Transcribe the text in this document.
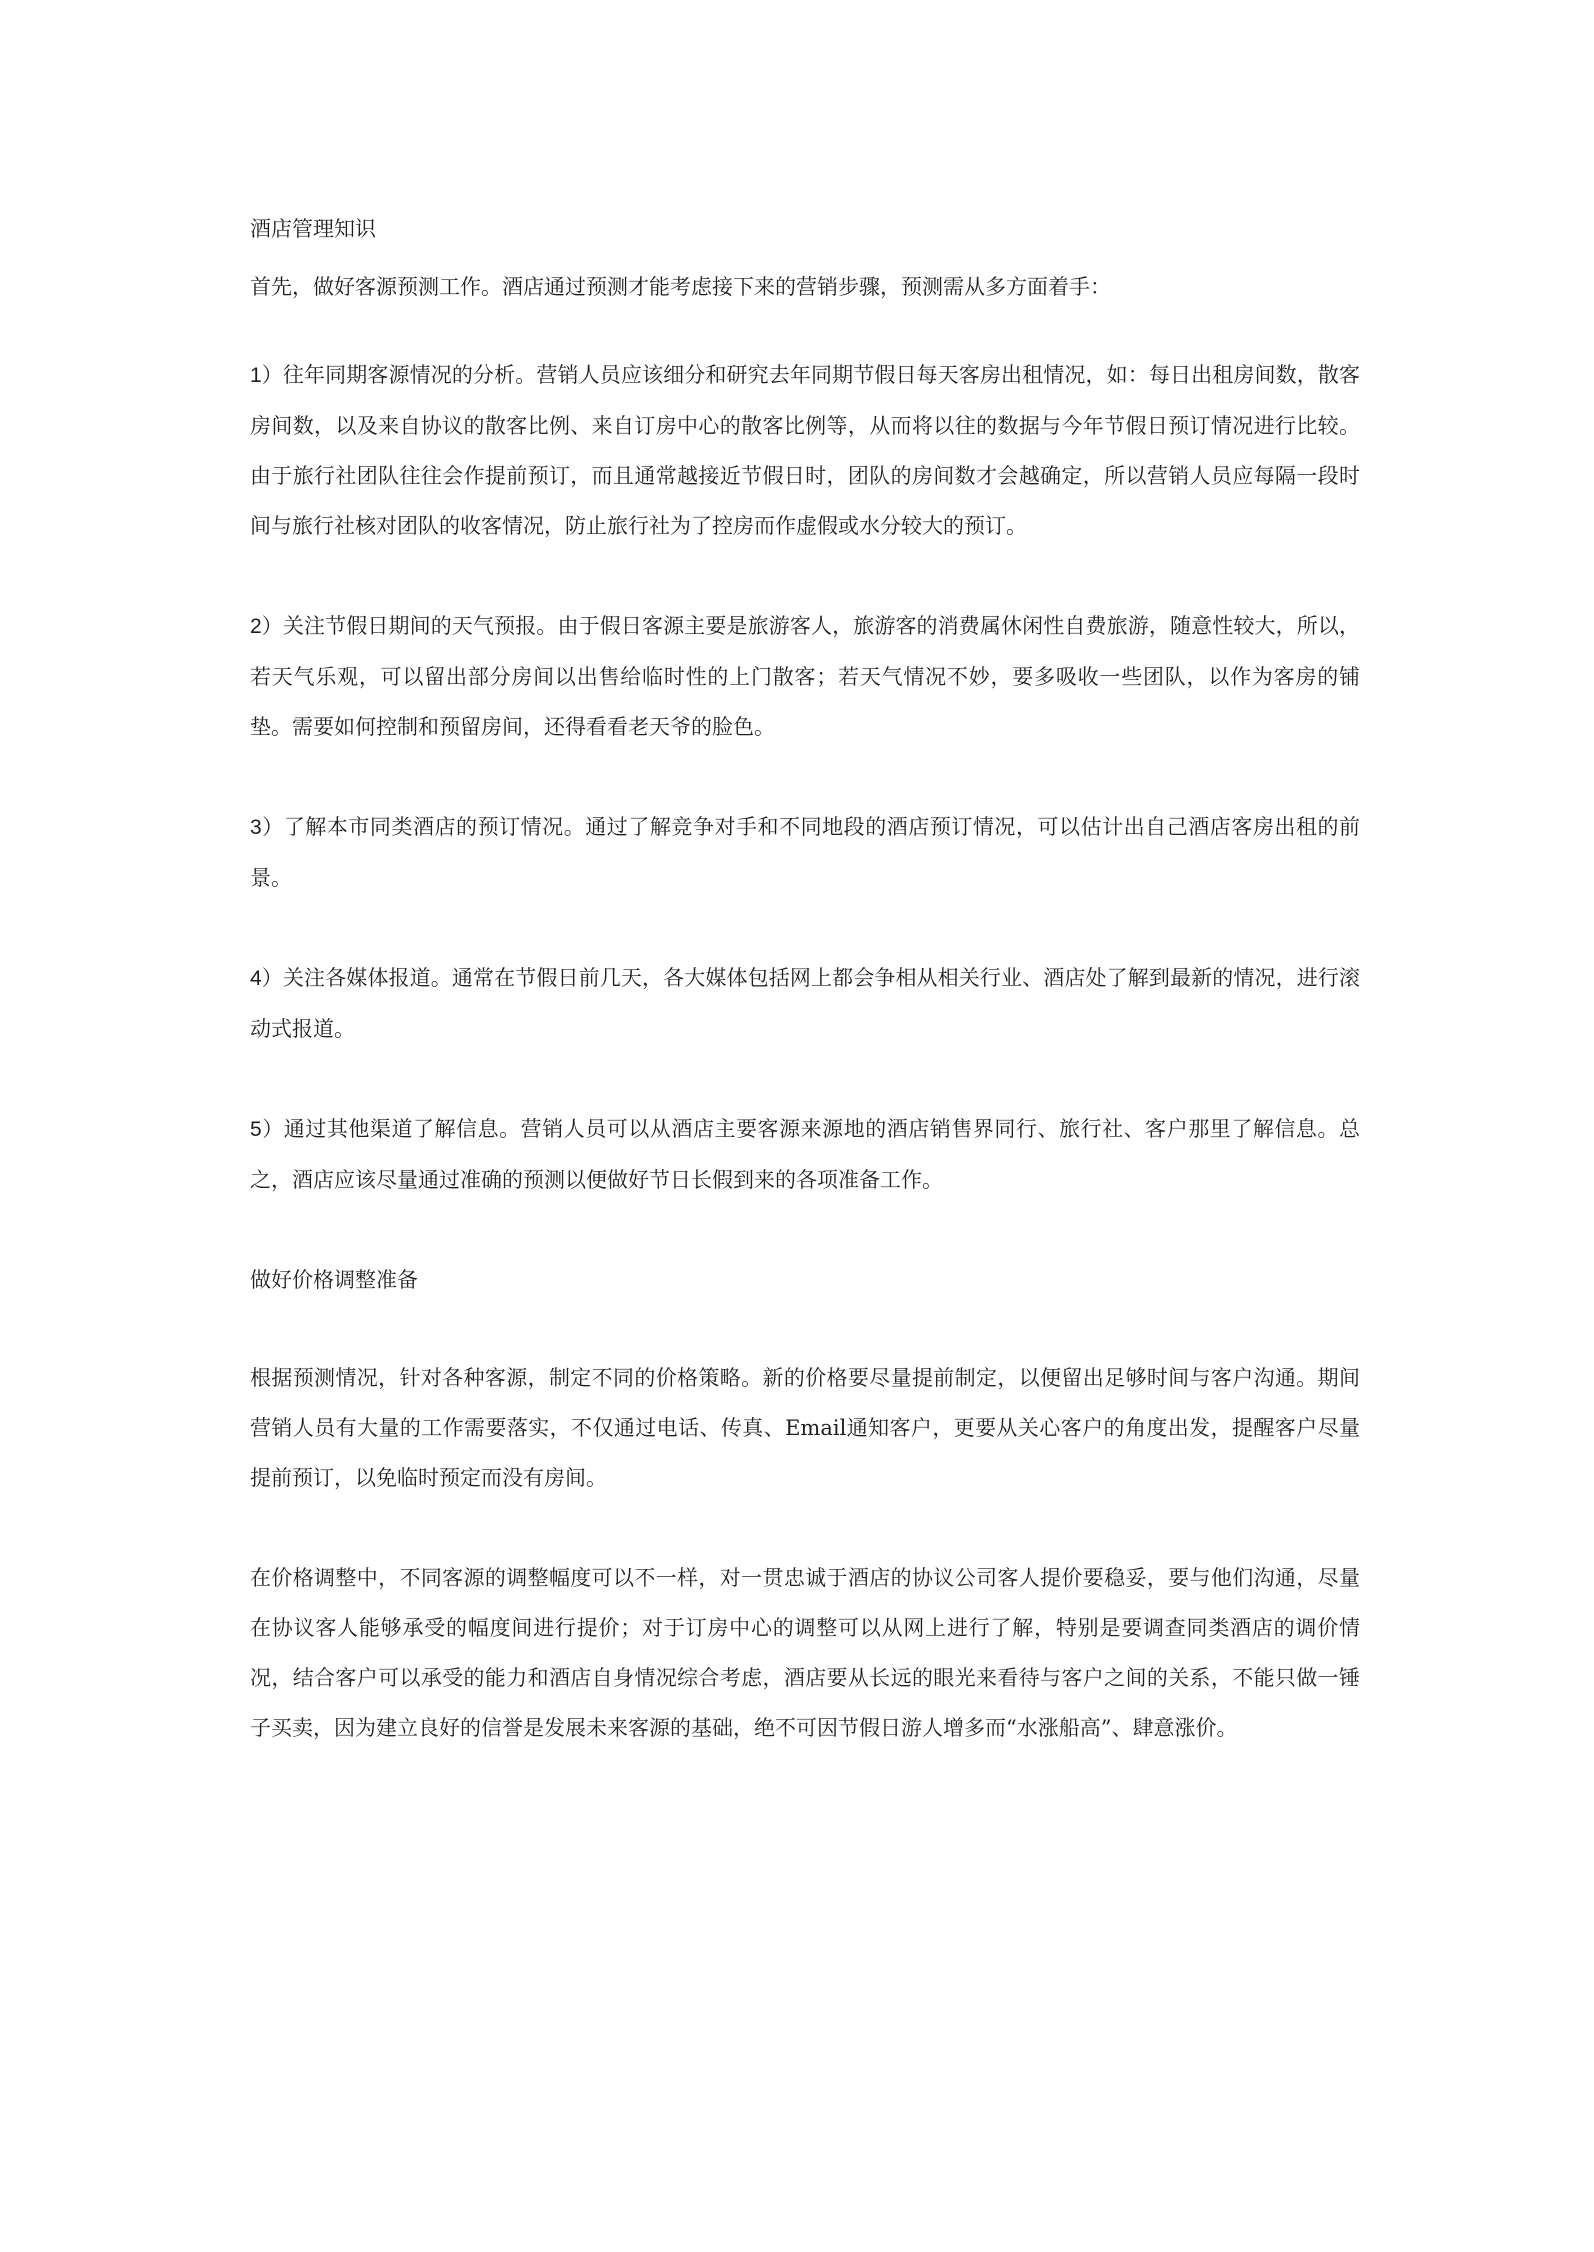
酒店管理知识

首先，做好客源预测工作。酒店通过预测才能考虑接下来的营销步骤，预测需从多方面着手：

1）往年同期客源情况的分析。营销人员应该细分和研究去年同期节假日每天客房出租情况，如：每日出租房间数，散客房间数，以及来自协议的散客比例、来自订房中心的散客比例等，从而将以往的数据与今年节假日预订情况进行比较。由于旅行社团队往往会作提前预订，而且通常越接近节假日时，团队的房间数才会越确定，所以营销人员应每隔一段时间与旅行社核对团队的收客情况，防止旅行社为了控房而作虚假或水分较大的预订。

2）关注节假日期间的天气预报。由于假日客源主要是旅游客人，旅游客的消费属休闲性自费旅游，随意性较大，所以，若天气乐观，可以留出部分房间以出售给临时性的上门散客；若天气情况不妙，要多吸收一些团队，以作为客房的铺垫。需要如何控制和预留房间，还得看看老天爷的脸色。

3）了解本市同类酒店的预订情况。通过了解竞争对手和不同地段的酒店预订情况，可以估计出自己酒店客房出租的前景。

4）关注各媒体报道。通常在节假日前几天，各大媒体包括网上都会争相从相关行业、酒店处了解到最新的情况，进行滚动式报道。

5）通过其他渠道了解信息。营销人员可以从酒店主要客源来源地的酒店销售界同行、旅行社、客户那里了解信息。总之，酒店应该尽量通过准确的预测以便做好节日长假到来的各项准备工作。

做好价格调整准备

根据预测情况，针对各种客源，制定不同的价格策略。新的价格要尽量提前制定，以便留出足够时间与客户沟通。期间营销人员有大量的工作需要落实，不仅通过电话、传真、Email通知客户，更要从关心客户的角度出发，提醒客户尽量提前预订，以免临时预定而没有房间。

在价格调整中，不同客源的调整幅度可以不一样，对一贯忠诚于酒店的协议公司客人提价要稳妥，要与他们沟通，尽量在协议客人能够承受的幅度间进行提价；对于订房中心的调整可以从网上进行了解，特别是要调查同类酒店的调价情况，结合客户可以承受的能力和酒店自身情况综合考虑，酒店要从长远的眼光来看待与客户之间的关系，不能只做一锤子买卖，因为建立良好的信誉是发展未来客源的基础，绝不可因节假日游人增多而“水涨船高”、肆意涨价。
